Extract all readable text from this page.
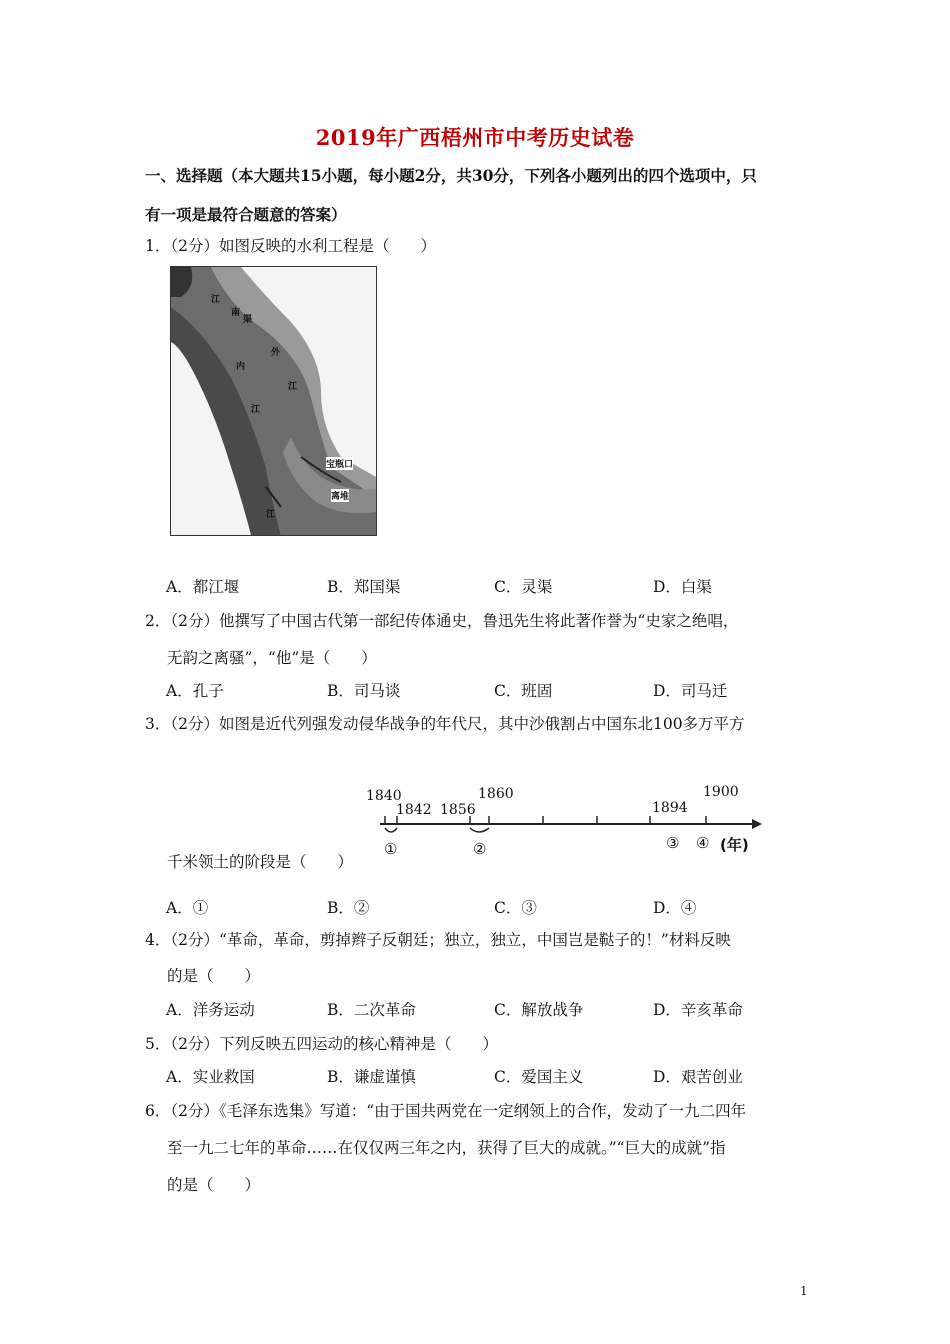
2019年广西梧州市中考历史试卷
一、选择题（本大题共15小题，每小题2分，共30分，下列各小题列出的四个选项中，只
有一项是最符合题意的答案）
1．（2分）如图反映的水利工程是（　　）
江
南
渠
外
江
内
江
宝瓶口
离堆
江
A．都江堰	B．郑国渠	C．灵渠	D．白渠
2．（2分）他撰写了中国古代第一部纪传体通史，鲁迅先生将此著作誉为“史家之绝唱，
无韵之离骚”，“他”是（　　）
A．孔子	B．司马谈	C．班固	D．司马迁
3．（2分）如图是近代列强发动侵华战争的年代尺，其中沙俄割占中国东北100多万平方
1840
1842 1856
1860
1894
1900
①	②	③ ④ (年)
千米领土的阶段是（　　）
A．①	B．②	C．③	D．④
4．（2分）“革命，革命，剪掉辫子反朝廷；独立，独立，中国岂是鞑子的！”材料反映
的是（　　）
A．洋务运动	B．二次革命	C．解放战争	D．辛亥革命
5．（2分）下列反映五四运动的核心精神是（　　）
A．实业救国	B．谦虚谨慎	C．爱国主义	D．艰苦创业
6．（2分）《毛泽东选集》写道：“由于国共两党在一定纲领上的合作，发动了一九二四年
至一九二七年的革命……在仅仅两三年之内，获得了巨大的成就。”“巨大的成就”指
的是（　　）
1
